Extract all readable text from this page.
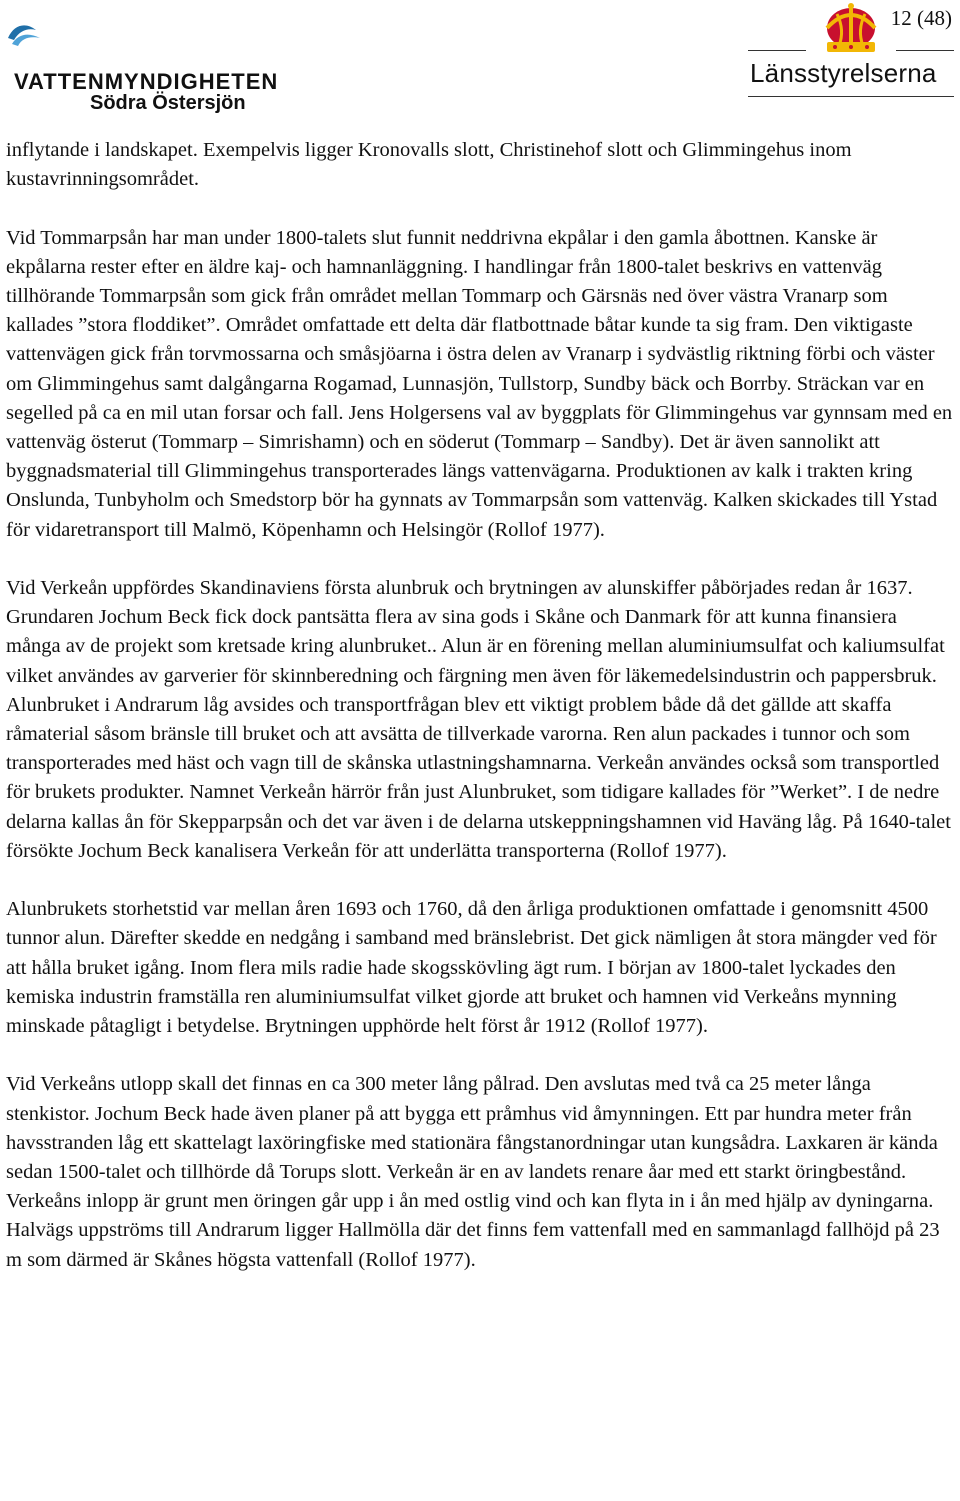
VATTENMYNDIGHETEN
Södra Östersjön
12 (48)
Länsstyrelserna

inflytande i landskapet. Exempelvis ligger Kronovalls slott, Christinehof slott och Glimmingehus inom kustavrinningsområdet.

Vid Tommarpsån har man under 1800-talets slut funnit neddrivna ekpålar i den gamla åbottnen. Kanske är ekpålarna rester efter en äldre kaj- och hamnanläggning. I handlingar från 1800-talet beskrivs en vattenväg tillhörande Tommarpsån som gick från området mellan Tommarp och Gärsnäs ned över västra Vranarp som kallades ”stora floddiket”. Området omfattade ett delta där flatbottnade båtar kunde ta sig fram. Den viktigaste vattenvägen gick från torvmossarna och småsjöarna i östra delen av Vranarp i sydvästlig riktning förbi och väster om Glimmingehus samt dalgångarna Rogamad, Lunnasjön, Tullstorp, Sundby bäck och Borrby. Sträckan var en segelled på ca en mil utan forsar och fall. Jens Holgersens val av byggplats för Glimmingehus var gynnsam med en vattenväg österut (Tommarp – Simrishamn) och en söderut (Tommarp – Sandby). Det är även sannolikt att byggnadsmaterial till Glimmingehus transporterades längs vattenvägarna. Produktionen av kalk i trakten kring Onslunda, Tunbyholm och Smedstorp bör ha gynnats av Tommarpsån som vattenväg. Kalken skickades till Ystad för vidaretransport till Malmö, Köpenhamn och Helsingör (Rollof 1977).

Vid Verkeån uppfördes Skandinaviens första alunbruk och brytningen av alunskiffer påbörjades redan år 1637. Grundaren Jochum Beck fick dock pantsätta flera av sina gods i Skåne och Danmark för att kunna finansiera många av de projekt som kretsade kring alunbruket.. Alun är en förening mellan aluminiumsulfat och kaliumsulfat vilket användes av garverier för skinnberedning och färgning men även för läkemedelsindustrin och pappersbruk. Alunbruket i Andrarum låg avsides och transportfrågan blev ett viktigt problem både då det gällde att skaffa råmaterial såsom bränsle till bruket och att avsätta de tillverkade varorna. Ren alun packades i tunnor och som transporterades med häst och vagn till de skånska utlastningshamnarna. Verkeån användes också som transportled för brukets produkter. Namnet Verkeån härrör från just Alunbruket, som tidigare kallades för ”Werket”. I de nedre delarna kallas ån för Skepparpsån och det var även i de delarna utskeppningshamnen vid Haväng låg. På 1640-talet försökte Jochum Beck kanalisera Verkeån för att underlätta transporterna (Rollof 1977).

Alunbrukets storhetstid var mellan åren 1693 och 1760, då den årliga produktionen omfattade i genomsnitt 4500 tunnor alun. Därefter skedde en nedgång i samband med bränslebrist. Det gick nämligen åt stora mängder ved för att hålla bruket igång. Inom flera mils radie hade skogsskövling ägt rum. I början av 1800-talet lyckades den kemiska industrin framställa ren aluminiumsulfat vilket gjorde att bruket och hamnen vid Verkeåns mynning minskade påtagligt i betydelse. Brytningen upphörde helt först år 1912 (Rollof 1977).

Vid Verkeåns utlopp skall det finnas en ca 300 meter lång pålrad. Den avslutas med två ca 25 meter långa stenkistor. Jochum Beck hade även planer på att bygga ett pråmhus vid åmynningen. Ett par hundra meter från havsstranden låg ett skattelagt laxöringfiske med stationära fångstanordningar utan kungsådra. Laxkaren är kända sedan 1500-talet och tillhörde då Torups slott. Verkeån är en av landets renare åar med ett starkt öringbestånd. Verkeåns inlopp är grunt men öringen går upp i ån med ostlig vind och kan flyta in i ån med hjälp av dyningarna. Halvägs uppströms till Andrarum ligger Hallmölla där det finns fem vattenfall med en sammanlagd fallhöjd på 23 m som därmed är Skånes högsta vattenfall (Rollof 1977).
